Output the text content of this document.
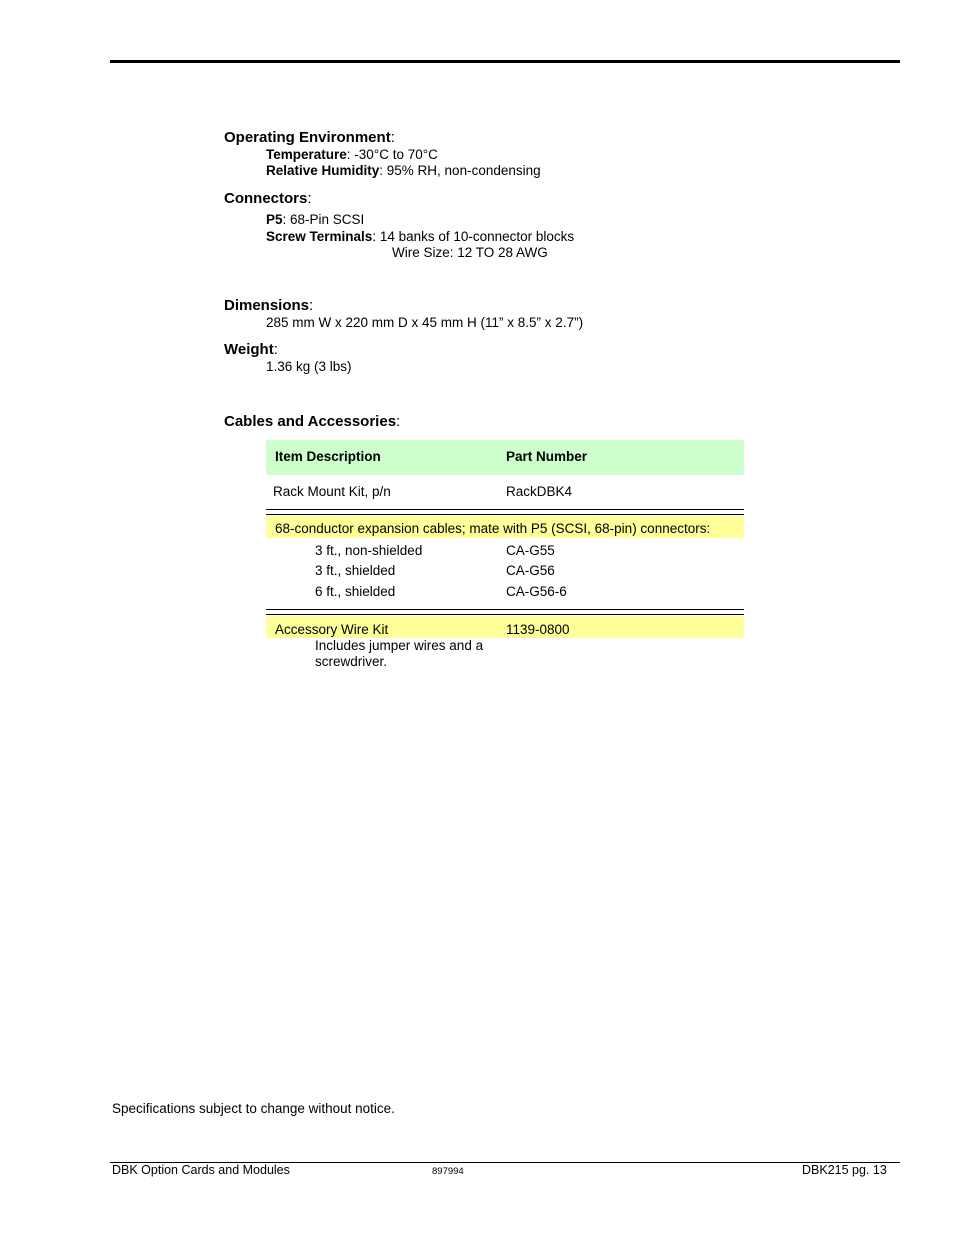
Operating Environment:
Temperature: -30°C to 70°C
Relative Humidity: 95% RH, non-condensing
Connectors:
P5: 68-Pin SCSI
Screw Terminals: 14 banks of 10-connector blocks
Wire Size: 12 TO 28 AWG
Dimensions:
285 mm W x 220 mm D x 45 mm H (11” x 8.5” x 2.7”)
Weight:
1.36 kg (3 lbs)
Cables and Accessories:
Item Description	Part Number
Rack Mount Kit, p/n	RackDBK4
68-conductor expansion cables; mate with P5 (SCSI, 68-pin) connectors:
3 ft., non-shielded	CA-G55
3 ft., shielded	CA-G56
6 ft., shielded	CA-G56-6
Accessory Wire Kit	1139-0800
Includes jumper wires and a
screwdriver.
Specifications subject to change without notice.
DBK Option Cards and Modules	897994	DBK215 pg. 13
